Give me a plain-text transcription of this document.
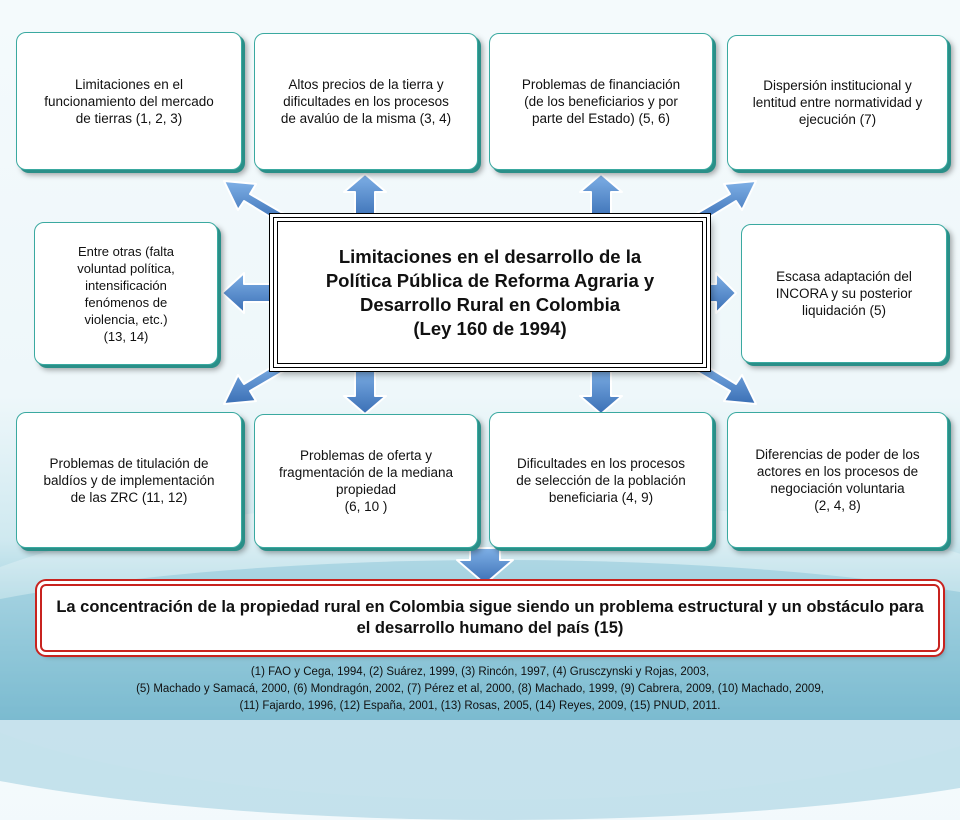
Limitaciones en el
funcionamiento del mercado
de tierras (1, 2, 3)
Altos precios de la tierra y
dificultades en los procesos
de avalúo de la misma (3, 4)
Problemas de financiación
(de los beneficiarios y por
parte del Estado) (5, 6)
Dispersión institucional y
lentitud entre normatividad y
ejecución (7)
Entre otras (falta
voluntad política,
intensificación
fenómenos de
violencia, etc.)
(13, 14)
Limitaciones en el desarrollo de la
Política Pública de Reforma Agraria y
Desarrollo Rural en Colombia
(Ley 160 de 1994)
Escasa adaptación del
INCORA y su posterior
liquidación (5)
Problemas de titulación de
baldíos y de implementación
de las ZRC (11, 12)
Problemas de oferta y
fragmentación de la mediana
propiedad
(6, 10 )
Dificultades en los procesos
de selección de la población
beneficiaria (4, 9)
Diferencias de poder de los
actores en los procesos de
negociación voluntaria
(2, 4, 8)
La concentración de la propiedad rural en Colombia sigue siendo un problema estructural y un obstáculo para el desarrollo humano del país (15)
(1) FAO y Cega, 1994, (2) Suárez, 1999, (3) Rincón, 1997, (4) Grusczynski y Rojas, 2003,
(5) Machado y Samacá, 2000, (6) Mondragón, 2002, (7) Pérez et al, 2000, (8) Machado, 1999, (9) Cabrera, 2009, (10) Machado, 2009,
(11) Fajardo, 1996, (12) España, 2001, (13) Rosas, 2005, (14) Reyes, 2009, (15) PNUD, 2011.
